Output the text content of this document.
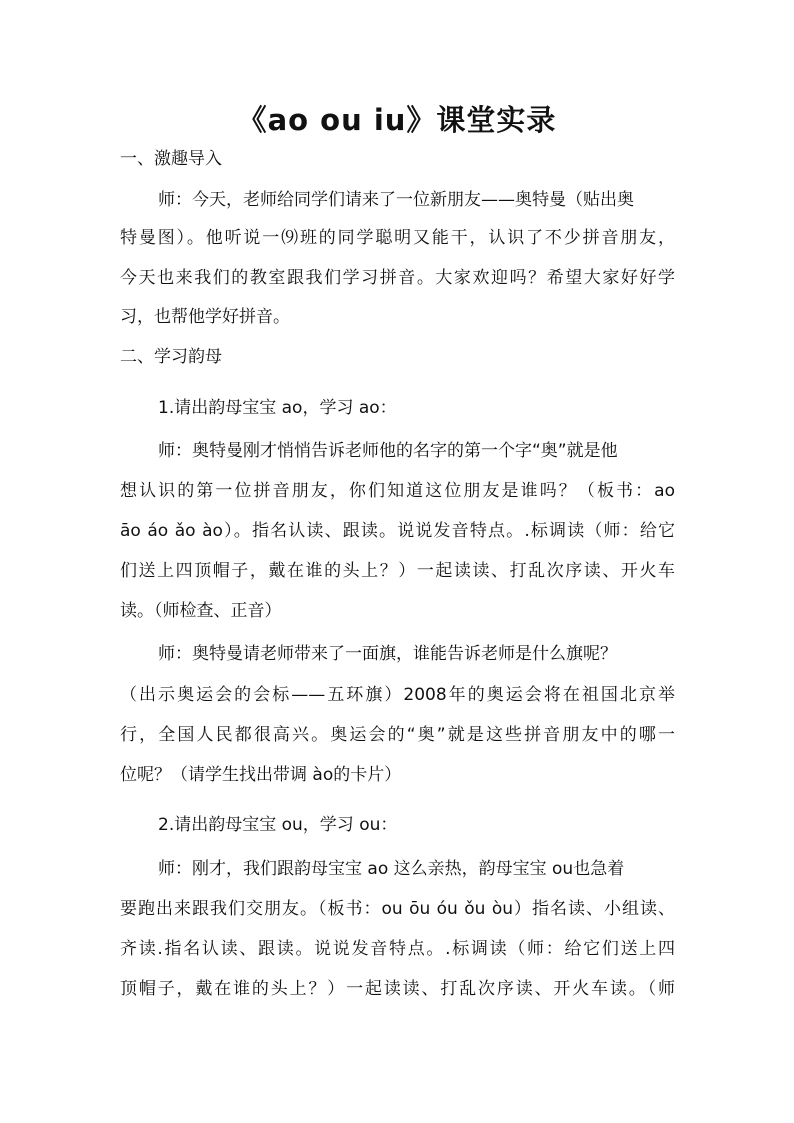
《ao ou iu》课堂实录
一、激趣导入
师：今天，老师给同学们请来了一位新朋友——奥特曼（贴出奥
特曼图）。他听说一⑼班的同学聪明又能干，认识了不少拼音朋友，
今天也来我们的教室跟我们学习拼音。大家欢迎吗？希望大家好好学
习，也帮他学好拼音。
二、学习韵母
1.请出韵母宝宝 ao，学习 ao：
师：奥特曼刚才悄悄告诉老师他的名字的第一个字“奥”就是他
想认识的第一位拼音朋友，你们知道这位朋友是谁吗？（板书：ao
āo áo ǎo ào）。指名认读、跟读。说说发音特点。.标调读（师：给它
们送上四顶帽子，戴在谁的头上？）一起读读、打乱次序读、开火车
读。（师检查、正音）
师：奥特曼请老师带来了一面旗，谁能告诉老师是什么旗呢？
（出示奥运会的会标——五环旗）2008年的奥运会将在祖国北京举
行，全国人民都很高兴。奥运会的“奥”就是这些拼音朋友中的哪一
位呢？（请学生找出带调 ào的卡片）
2.请出韵母宝宝 ou，学习 ou：
师：刚才，我们跟韵母宝宝 ao 这么亲热，韵母宝宝 ou也急着
要跑出来跟我们交朋友。（板书：ou ōu óu ǒu òu）指名读、小组读、
齐读.指名认读、跟读。说说发音特点。.标调读（师：给它们送上四
顶帽子，戴在谁的头上？）一起读读、打乱次序读、开火车读。（师
